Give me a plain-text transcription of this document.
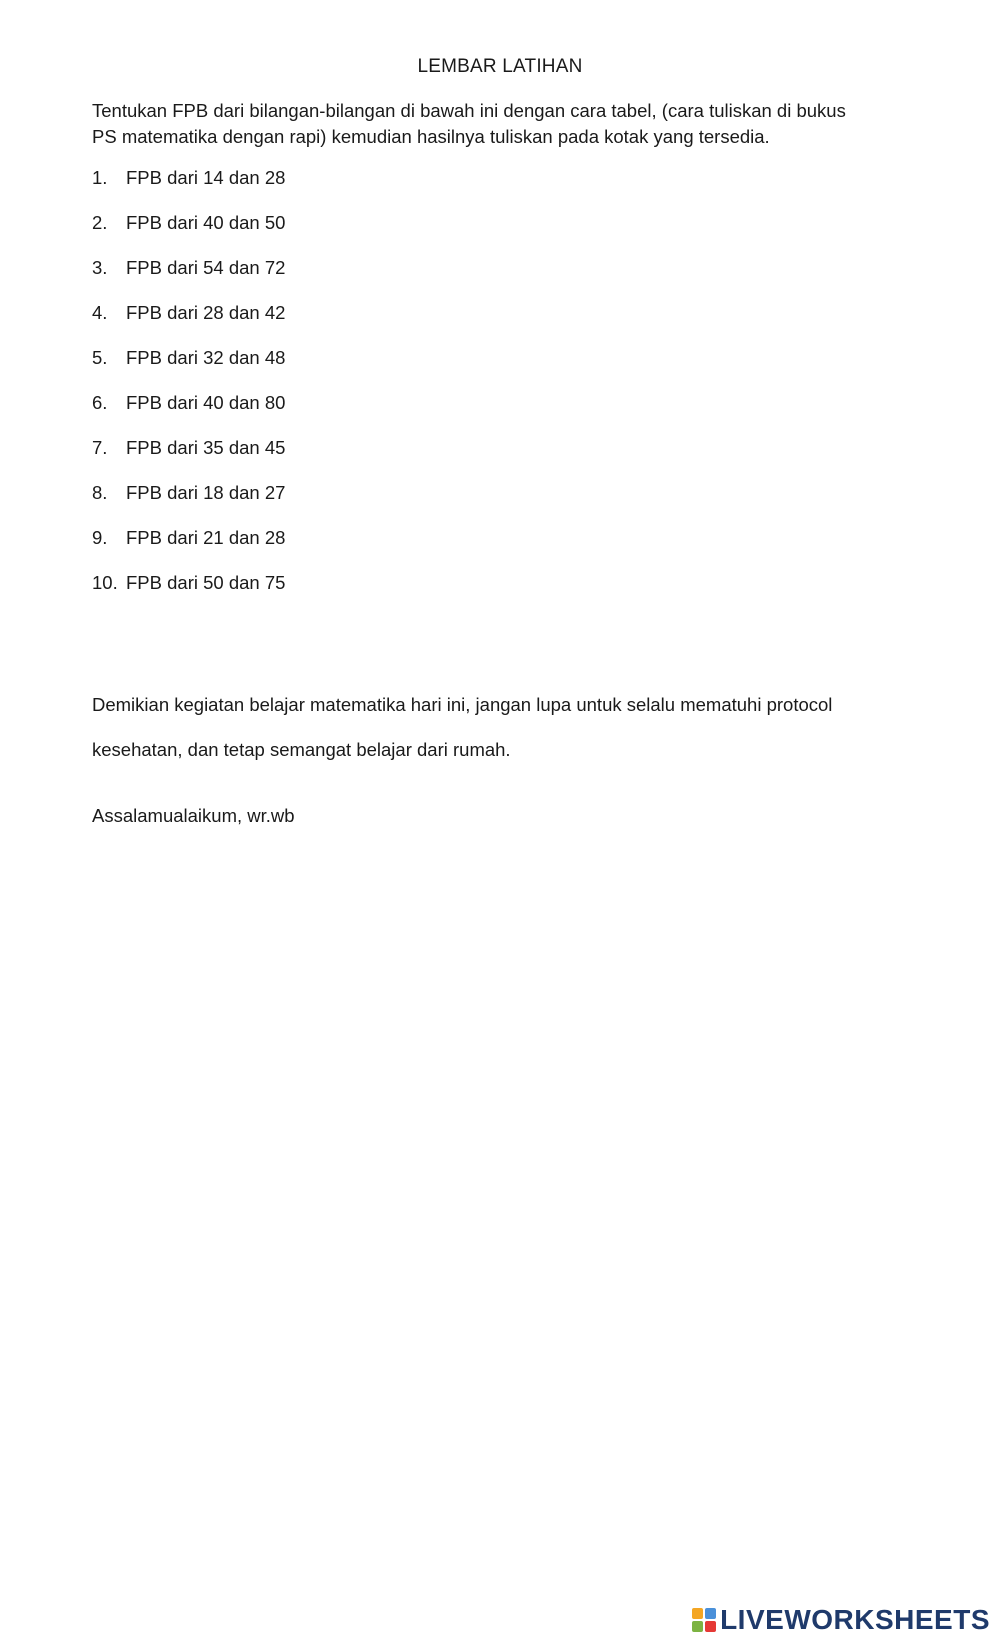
LEMBAR LATIHAN

Tentukan FPB dari bilangan-bilangan di bawah ini dengan cara tabel, (cara tuliskan di bukus
PS matematika dengan rapi) kemudian hasilnya tuliskan pada kotak yang tersedia.

1.	FPB dari 14 dan 28
2.	FPB dari 40 dan 50
3.	FPB dari 54 dan 72
4.	FPB dari 28 dan 42
5.	FPB dari 32 dan 48
6.	FPB dari 40 dan 80
7.	FPB dari 35 dan 45
8.	FPB dari 18 dan 27
9.	FPB dari 21 dan 28
10. FPB dari 50 dan 75

Demikian kegiatan belajar matematika hari ini, jangan lupa untuk selalu mematuhi protocol
kesehatan, dan tetap semangat belajar dari rumah.

Assalamualaikum, wr.wb

LIVEWORKSHEETS
